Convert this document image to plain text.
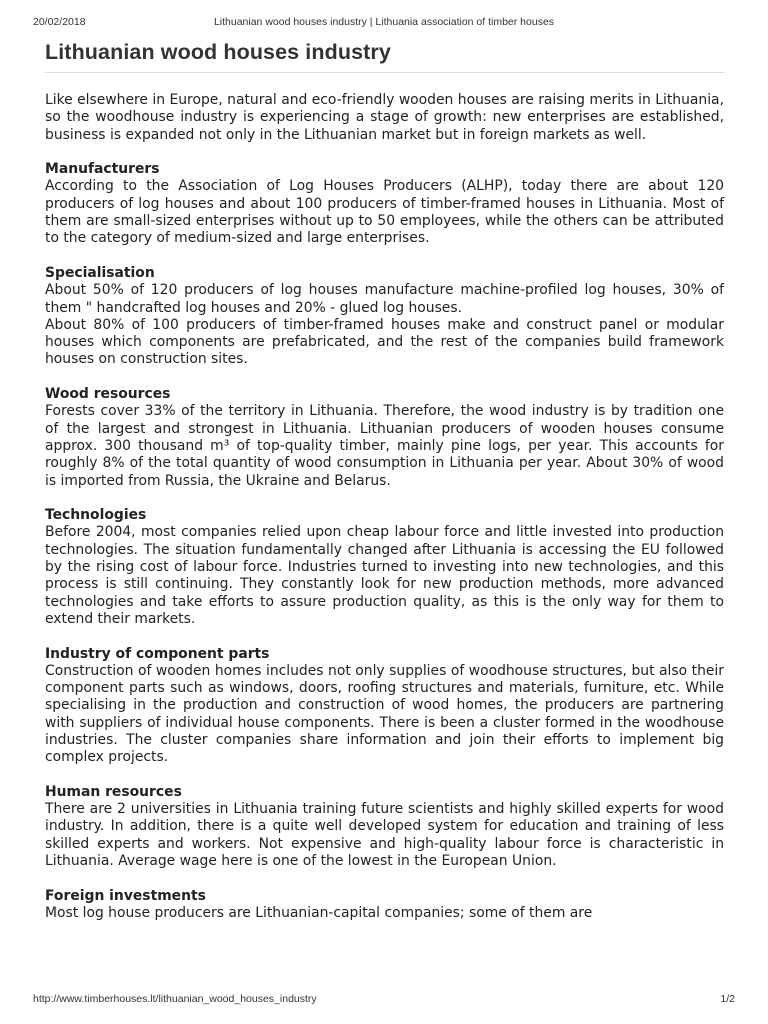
20/02/2018	Lithuanian wood houses industry | Lithuania association of timber houses
Lithuanian wood houses industry

Like elsewhere in Europe, natural and eco-friendly wooden houses are raising merits in Lithuania, so the woodhouse industry is experiencing a stage of growth: new enterprises are established, business is expanded not only in the Lithuanian market but in foreign markets as well.

Manufacturers

According to the Association of Log Houses Producers (ALHP), today there are about 120 producers of log houses and about 100 producers of timber-framed houses in Lithuania. Most of them are small-sized enterprises without up to 50 employees, while the others can be attributed to the category of medium-sized and large enterprises.

Specialisation

About 50% of 120 producers of log houses manufacture machine-profiled log houses, 30% of them " handcrafted log houses and 20% - glued log houses.

About 80% of 100 producers of timber-framed houses make and construct panel or modular houses which components are prefabricated, and the rest of the companies build framework houses on construction sites.

Wood resources

Forests cover 33% of the territory in Lithuania. Therefore, the wood industry is by tradition one of the largest and strongest in Lithuania. Lithuanian producers of wooden houses consume approx. 300 thousand m³ of top-quality timber, mainly pine logs, per year. This accounts for roughly 8% of the total quantity of wood consumption in Lithuania per year. About 30% of wood is imported from Russia, the Ukraine and Belarus.

Technologies

Before 2004, most companies relied upon cheap labour force and little invested into production technologies. The situation fundamentally changed after Lithuania is accessing the EU followed by the rising cost of labour force. Industries turned to investing into new technologies, and this process is still continuing. They constantly look for new production methods, more advanced technologies and take efforts to assure production quality, as this is the only way for them to extend their markets.

Industry of component parts

Construction of wooden homes includes not only supplies of woodhouse structures, but also their component parts such as windows, doors, roofing structures and materials, furniture, etc. While specialising in the production and construction of wood homes, the producers are partnering with suppliers of individual house components. There is been a cluster formed in the woodhouse industries. The cluster companies share information and join their efforts to implement big complex projects.

Human resources

There are 2 universities in Lithuania training future scientists and highly skilled experts for wood industry. In addition, there is a quite well developed system for education and training of less skilled experts and workers. Not expensive and high-quality labour force is characteristic in Lithuania. Average wage here is one of the lowest in the European Union.

Foreign investments

Most log house producers are Lithuanian-capital companies; some of them are

http://www.timberhouses.lt/lithuanian_wood_houses_industry	1/2
